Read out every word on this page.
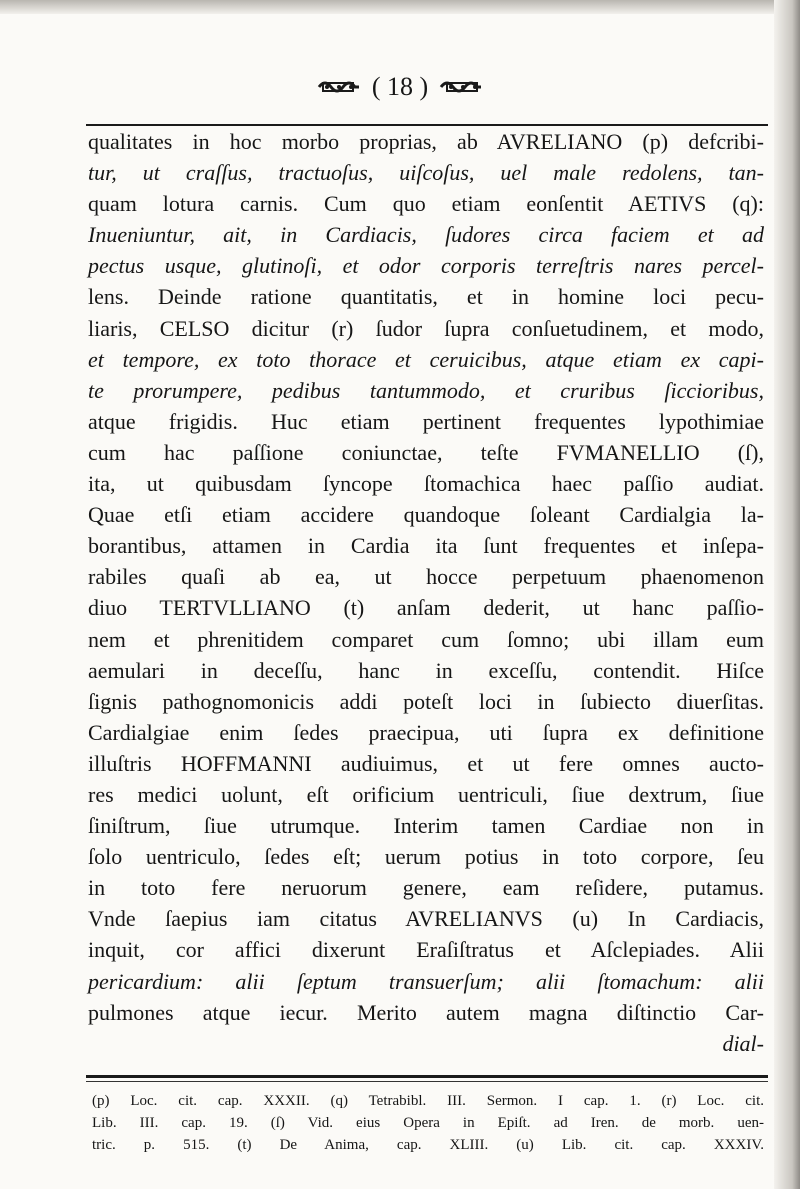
( 18 )
qualitates in hoc morbo proprias, ab AVRELIANO (p) defcribi-
tur, ut craſſus, tractuoſus, uiſcoſus, uel male redolens, tan-
quam lotura carnis. Cum quo etiam eonſentit AETIVS (q):
Inueniuntur, ait, in Cardiacis, ſudores circa faciem et ad
pectus usque, glutinoſi, et odor corporis terreſtris nares percel-
lens. Deinde ratione quantitatis, et in homine loci pecu-
liaris, CELSO dicitur (r) ſudor ſupra conſuetudinem, et modo,
et tempore, ex toto thorace et ceruicibus, atque etiam ex capi-
te prorumpere, pedibus tantummodo, et cruribus ſiccioribus,
atque frigidis. Huc etiam pertinent frequentes lypothimiae
cum hac paſſione coniunctae, teſte FVMANELLIO (ſ),
ita, ut quibusdam ſyncope ſtomachica haec paſſio audiat.
Quae etſi etiam accidere quandoque ſoleant Cardialgia la-
borantibus, attamen in Cardia ita ſunt frequentes et inſepa-
rabiles quaſi ab ea, ut hocce perpetuum phaenomenon
diuo TERTVLLIANO (t) anſam dederit, ut hanc paſſio-
nem et phrenitidem comparet cum ſomno; ubi illam eum
aemulari in deceſſu, hanc in exceſſu, contendit. Hiſce
ſignis pathognomonicis addi poteſt loci in ſubiecto diuerſitas.
Cardialgiae enim ſedes praecipua, uti ſupra ex definitione
illuſtris HOFFMANNI audiuimus, et ut fere omnes aucto-
res medici uolunt, eſt orificium uentriculi, ſiue dextrum, ſiue
ſiniſtrum, ſiue utrumque. Interim tamen Cardiae non in
ſolo uentriculo, ſedes eſt; uerum potius in toto corpore, ſeu
in toto fere neruorum genere, eam reſidere, putamus.
Vnde ſaepius iam citatus AVRELIANVS (u) In Cardiacis,
inquit, cor affici dixerunt Eraſiſtratus et Aſclepiades. Alii
pericardium: alii ſeptum transuerſum; alii ſtomachum: alii
pulmones atque iecur. Merito autem magna diſtinctio Car-
dial-
(p) Loc. cit. cap. XXXII. (q) Tetrabibl. III. Sermon. I cap. 1. (r) Loc. cit.
Lib. III. cap. 19. (ſ) Vid. eius Opera in Epiſt. ad Iren. de morb. uen-
tric. p. 515. (t) De Anima, cap. XLIII. (u) Lib. cit. cap. XXXIV.
